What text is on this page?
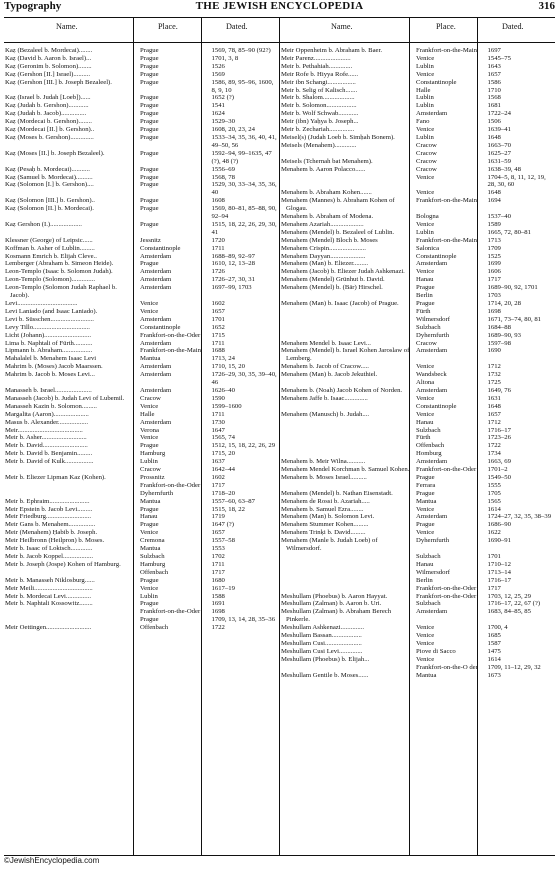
Typography	THE JEWISH ENCYCLOPEDIA	316
Name.	Place.	Dated.	Name.	Place.	Dated.
Kaẓ (Bezaleel b. Mordecai)........	Prague	1569, 78, 85–90 (92?)
Kaẓ (David b. Aaron b. Israel)...	Prague	1701, 3, 8
Kaẓ (Geronim b. Solomon)........	Prague	1526
Kaẓ (Gershon [II.] Israel)..........	Prague	1569
Kaẓ (Gershon [III.] b. Joseph Bezaleel).	Prague	1586, 89, 95–96, 1600, 8, 9, 10
Kaẓ (Israel b. Judah [Loeb])......	Prague	1652 (?)
Kaẓ (Judah b. Gershon)............	Prague	1541
Kaẓ (Judah b. Jacob)...............	Prague	1624
Kaẓ (Mordecai b. Gershon)........	Prague	1529–30
Kaẓ (Mordecai [II.] b. Gershon)..	Prague	1608, 20, 23, 24
Kaẓ (Moses b. Gershon)..............	Prague	1533–34, 35, 36, 40, 41, 49–50, 56
Kaẓ (Moses [II.] b. Joseph Bezaleel).	Prague	1592–94, 99–1635, 47 (?), 48 (?)
Kaẓ (Pesaḥ b. Mordecai)...........	Prague	1556–69
Kaẓ (Samuel b. Mordecai)..........	Prague	1568, 78
Kaẓ (Solomon [I.] b. Gershon)....	Prague	1529, 30, 33–34, 35, 36, 40
Kaẓ (Solomon [III.] b. Gershon)..	Prague	1608
Kaẓ (Solomon [II.] b. Mordecai).	Prague	1569, 80–81, 85–88, 90, 92–94
Kaẓ Gershon (I.)...................	Prague	1515, 18, 22, 26, 29, 30, 41
Klessner (George) of Leipsic......	Jessnitz	1720
Koffman b. Asher of Lublin.........	Constantinople	1711
Kosmann Emrich b. Elijah Cleve..	Amsterdam	1688–89, 92–97
Lemberger (Abraham b. Simeon Heide).	Prague	1610, 12, 13–28
Leon-Templo (Isaac b. Solomon Judah).	Amsterdam	1726
Leon-Templo (Solomon)..............	Amsterdam	1726–27, 30, 31
Leon-Templo (Solomon Judah Raphael b. Jacob).
Amsterdam	1697–99, 1703
Levi....................................	Venice	1602
Levi Laniado (and Isaac Laniado).	Venice	1657
Levi b. Süsschen..........................	Amsterdam	1701
Levy Tillo..................................	Constantinople	1652
Licht (Johann)............................	Frankfort-on-the-Oder	1715
Lima b. Naphtali of Fürth...........	Amsterdam	1711
Lipmann b. Abraham..................	Frankfort-on-the-Main	1688
Mahalalel b. Menahem Isaac Levi	Mantua	1713, 24
Mahrim b. (Moses) Jacob Maarssen.	Amsterdam	1710, 15, 20
Mahrim b. Jacob b. Moses Levi...	Amsterdam	1726–29, 30, 35, 39–40, 46
Manasseh b. Israel......................	Amsterdam	1626–40
Manasseh (Jacob) b. Judah Levi of Lubemil.	Cracow	1590
Manasseh Kazin b. Solomon.........	Venice	1599–1600
Margalita (Aaron).....................	Halle	1711
Masus b. Alexander..................	Amsterdam	1730
Meir.......................................	Verona	1647
Meir b. Asher...........................	Venice	1565, 74
Meir b. David...........................	Prague	1512, 15, 18, 22, 26, 29
Meir b. David b. Benjamin.........	Hamburg	1715, 20
Meir b. David of Kulk.................	Lublin	1637
Cracow	1642–44
Meir b. Eliezer Lipman Kaz (Kohen).	Prossnitz	1602
Frankfort-on-the-Oder	1717
Dyhernfurth	1718–20
Meir b. Ephraim........................	Mantua	1557–60, 63–87
Meir Epstein b. Jacob Levi.........	Prague	1515, 18, 22
Meir Friedburg...........................	Hanau	1719
Meir Gans b. Menahem................	Prague	1647 (?)
Meir (Menahem) Ḥabib b. Joseph.	Venice	1657
Meir Heilbronn (Heilpron) b. Moses.	Cremona	1557–58
Meir b. Isaac of Loktsch.............	Mantua	1553
Meir b. Jacob Koppel..................	Sulzbach	1702
Meir b. Joseph (Jospe) Kohen of Hamburg.	Hamburg	1711
Offenbach	1717
Meir b. Manasseh Niklosburg......	Prague	1680
Meir Meili...................................	Venice	1617–19
Meir b. Mordecai Levi...............	Lublin	1588
Meir b. Naphtali Kossowitz........	Prague	1691
Frankfort-on-the-Oder	1698
Prague	1709, 13, 14, 28, 35–36
Meir Oettingen...........................	Offenbach	1722
Meir Oppenheim b. Abraham b. Baer.	Frankfort-on-the-Main	1697
Meir Parenz......................	Venice	1545–75
Meir b. Pethahiah..............	Lublin	1643
Meir Rofe b. Hiyya Rofe......	Venice	1657
Meir ibn Schangi.................	Constantinople	1586
Meir b. Selig of Kalisch.......	Halle	1710
Meir b. Shalom...................	Lublin	1568
Meir b. Solomon..................	Lublin	1681
Meir b. Wolf Schwab............	Amsterdam	1722–24
Meir (ibn) Yaḥya b. Joseph...	Fano	1506
Meir b. Zechariah...............	Venice	1639–41
Meisel(s) (Judah Loeb b. Simḥah Bonem).	Lublin	1648
Meisels (Menahem).............	Cracow	1663–70
Cracow	1625–27
Meisels (Tchernah bat Menahem).	Cracow	1631–59
Menahem b. Aaron Polacco......	Cracow	1638–39, 48
Venice	1704–5, 8, 11, 12, 19, 28, 30, 60
Menahem b. Abraham Kohen.......	Venice	1648
Menahem (Mannes) b. Abraham Kohen of Glogau.
Frankfort-on-the-Main	1694
Menahem b. Abraham of Modena.	Bologna	1537–40
Menahem Azariah....................	Venice	1589
Menahem (Mendel) b. Bezaleel of Lublin.	Lublin	1665, 72, 80–81
Menahem (Mendel) Bloch b. Moses	Frankfort-on-the-Main	1713
Menahem Crispin......................	Salonica	1709
Menahem Dayyan.....................	Constantinople	1525
Menahem (Man) b. Eliezer.........	Amsterdam	1699
Menahem (Jacob) b. Eliezer Judah Ashkenazi.	Venice	1606
Menahem (Mendel) Grünhut b. David.	Hanau	1717
Menahem (Mendel) b. (Bär) Hirschel.	Prague	1689–90, 92, 1701
Berlin	1703
Menahem (Man) b. Isaac (Jacob) of Prague.	Prague	1714, 20, 28
Fürth	1698
Wilmersdorf	1671, 73–74, 80, 81
Sulzbach	1684–88
Dyhernfurth	1689–90, 93
Menahem Mendel b. Isaac Levi...	Cracow	1597–98
Menahem (Mendel) b. Israel Kohen Jaroslaw of Lemberg.
Amsterdam	1690
Menahem b. Jacob of Cracow.....	Venice	1712
Menahem (Man) b. Jacob Jekuthiel.	Wandsbeck	1732
Altona	1725
Menahem b. (Noah) Jacob Kohen of Norden.	Amsterdam	1649, 76
Menahem Jaffe b. Isaac..............	Venice	1631
Constantinople	1648
Menahem (Manusch) b. Judah....	Venice	1657
Hanau	1712
Sulzbach	1716–17
Fürth	1723–26
Offenbach	1722
Homburg	1734
Menahem b. Meir Wilna...........	Amsterdam	1663, 69
Menahem Mendel Korchman b. Samuel Kohen. Frankfort-on-the-Oder	1701–2
Menahem b. Moses Israel..........	Prague	1549–50
Ferrara	1555
Menahem (Mendel) b. Nathan Eisenstadt.	Prague	1705
Menahem de Rossi b. Azariah.....	Mantua	1565
Menahem b. Samuel Ezra........	Venice	1614
Menahem (Man) b. Solomon Levi.	Amsterdam	1724–27, 32, 35, 38–39
Menahem Stummer Kohen.........	Prague	1686–90
Menahem Trinķi b. David.........	Venice	1622
Menahem (Manle b. Judah Loeb) of Wilmersdorf.
Dyhernfurth	1690–91
Sulzbach	1701
Hanau	1710–12
Wilmersdorf	1713–14
Berlin	1716–17
Frankfort-on-the-Oder	1717
Meshullam (Phoebus) b. Aaron Hayyat.	Frankfort-on-the-Oder	1703, 12, 25, 29
Meshullam (Zalman) b. Aaron b. Uri.	Sulzbach	1716–17, 22, 67 (?)
Meshullam (Zalman) b. Abraham Berech Pinkerle.
Amsterdam	1683, 84–85, 85
Meshullam Ashkenazi..............	Venice	1700, 4
Meshullam Bassan..................	Venice	1685
Meshullam Cusi......................	Venice	1587
Meshullam Cusi Levi..............	Piove di Sacco	1475
Meshullam (Phoebus) b. Elijah...	Venice	1614
Frankfort-on-the-O der	1709, 11–12, 29, 32
Meshullam Gentile b. Moses......	Mantua	1673
©JewishEncyclopedia.com
